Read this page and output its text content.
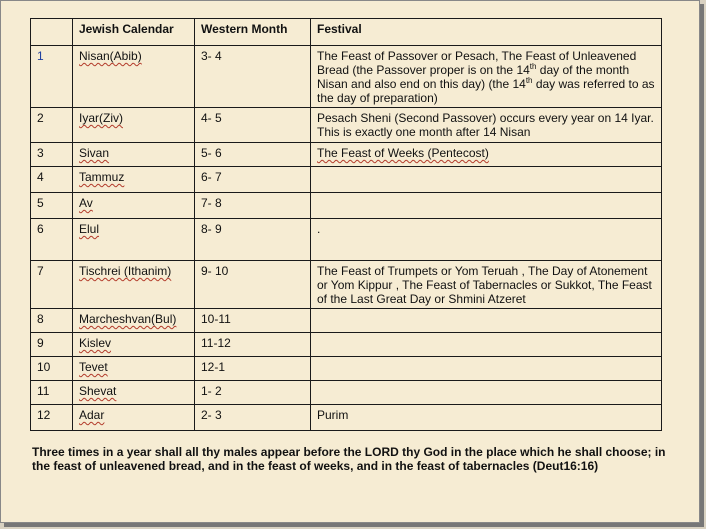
	Jewish Calendar	Western Month	Festival
1	Nisan(Abib)	3- 4	The Feast of Passover or Pesach, The Feast of Unleavened Bread (the Passover proper is on the 14th day of the month Nisan and also end on this day) (the 14th day was referred to as the day of preparation)
2	Iyar(Ziv)	4- 5	Pesach Sheni (Second Passover) occurs every year on 14 Iyar. This is exactly one month after 14 Nisan
3	Sivan	5- 6	The Feast of Weeks (Pentecost)
4	Tammuz	6- 7	
5	Av	7- 8	
6	Elul	8- 9	.
7	Tischrei (Ithanim)	9- 10	The Feast of Trumpets or Yom Teruah , The Day of Atonement or Yom Kippur , The Feast of Tabernacles or Sukkot, The Feast of the Last Great Day or Shmini Atzeret
8	Marcheshvan(Bul)	10-11	
9	Kislev	11-12	
10	Tevet	12-1	
11	Shevat	1- 2	
12	Adar	2- 3	Purim
Three times in a year shall all thy males appear before the LORD thy God in the place which he shall choose; in the feast of unleavened bread, and in the feast of weeks, and in the feast of tabernacles (Deut16:16)
